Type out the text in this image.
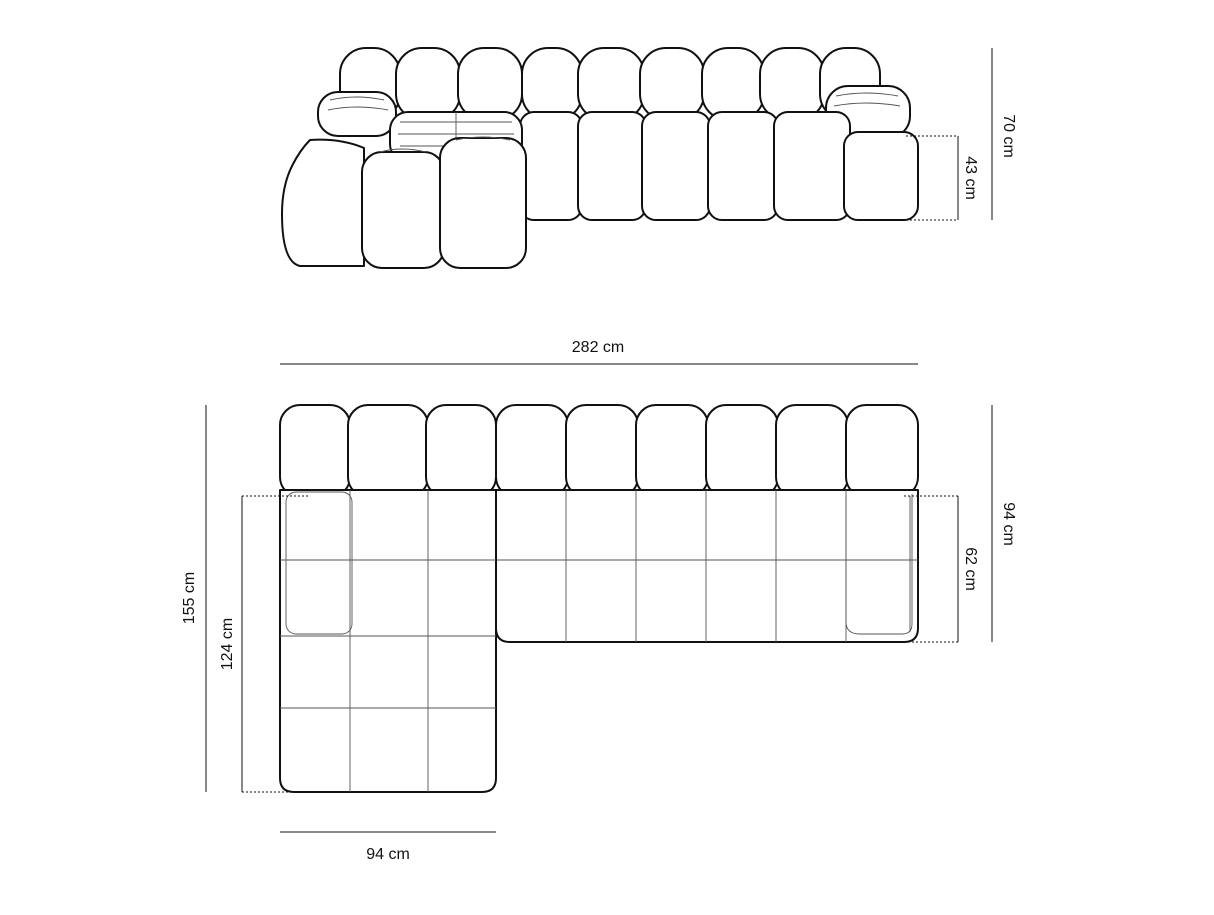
70 cm
43 cm
282 cm
155 cm
124 cm
94 cm
62 cm
94 cm
